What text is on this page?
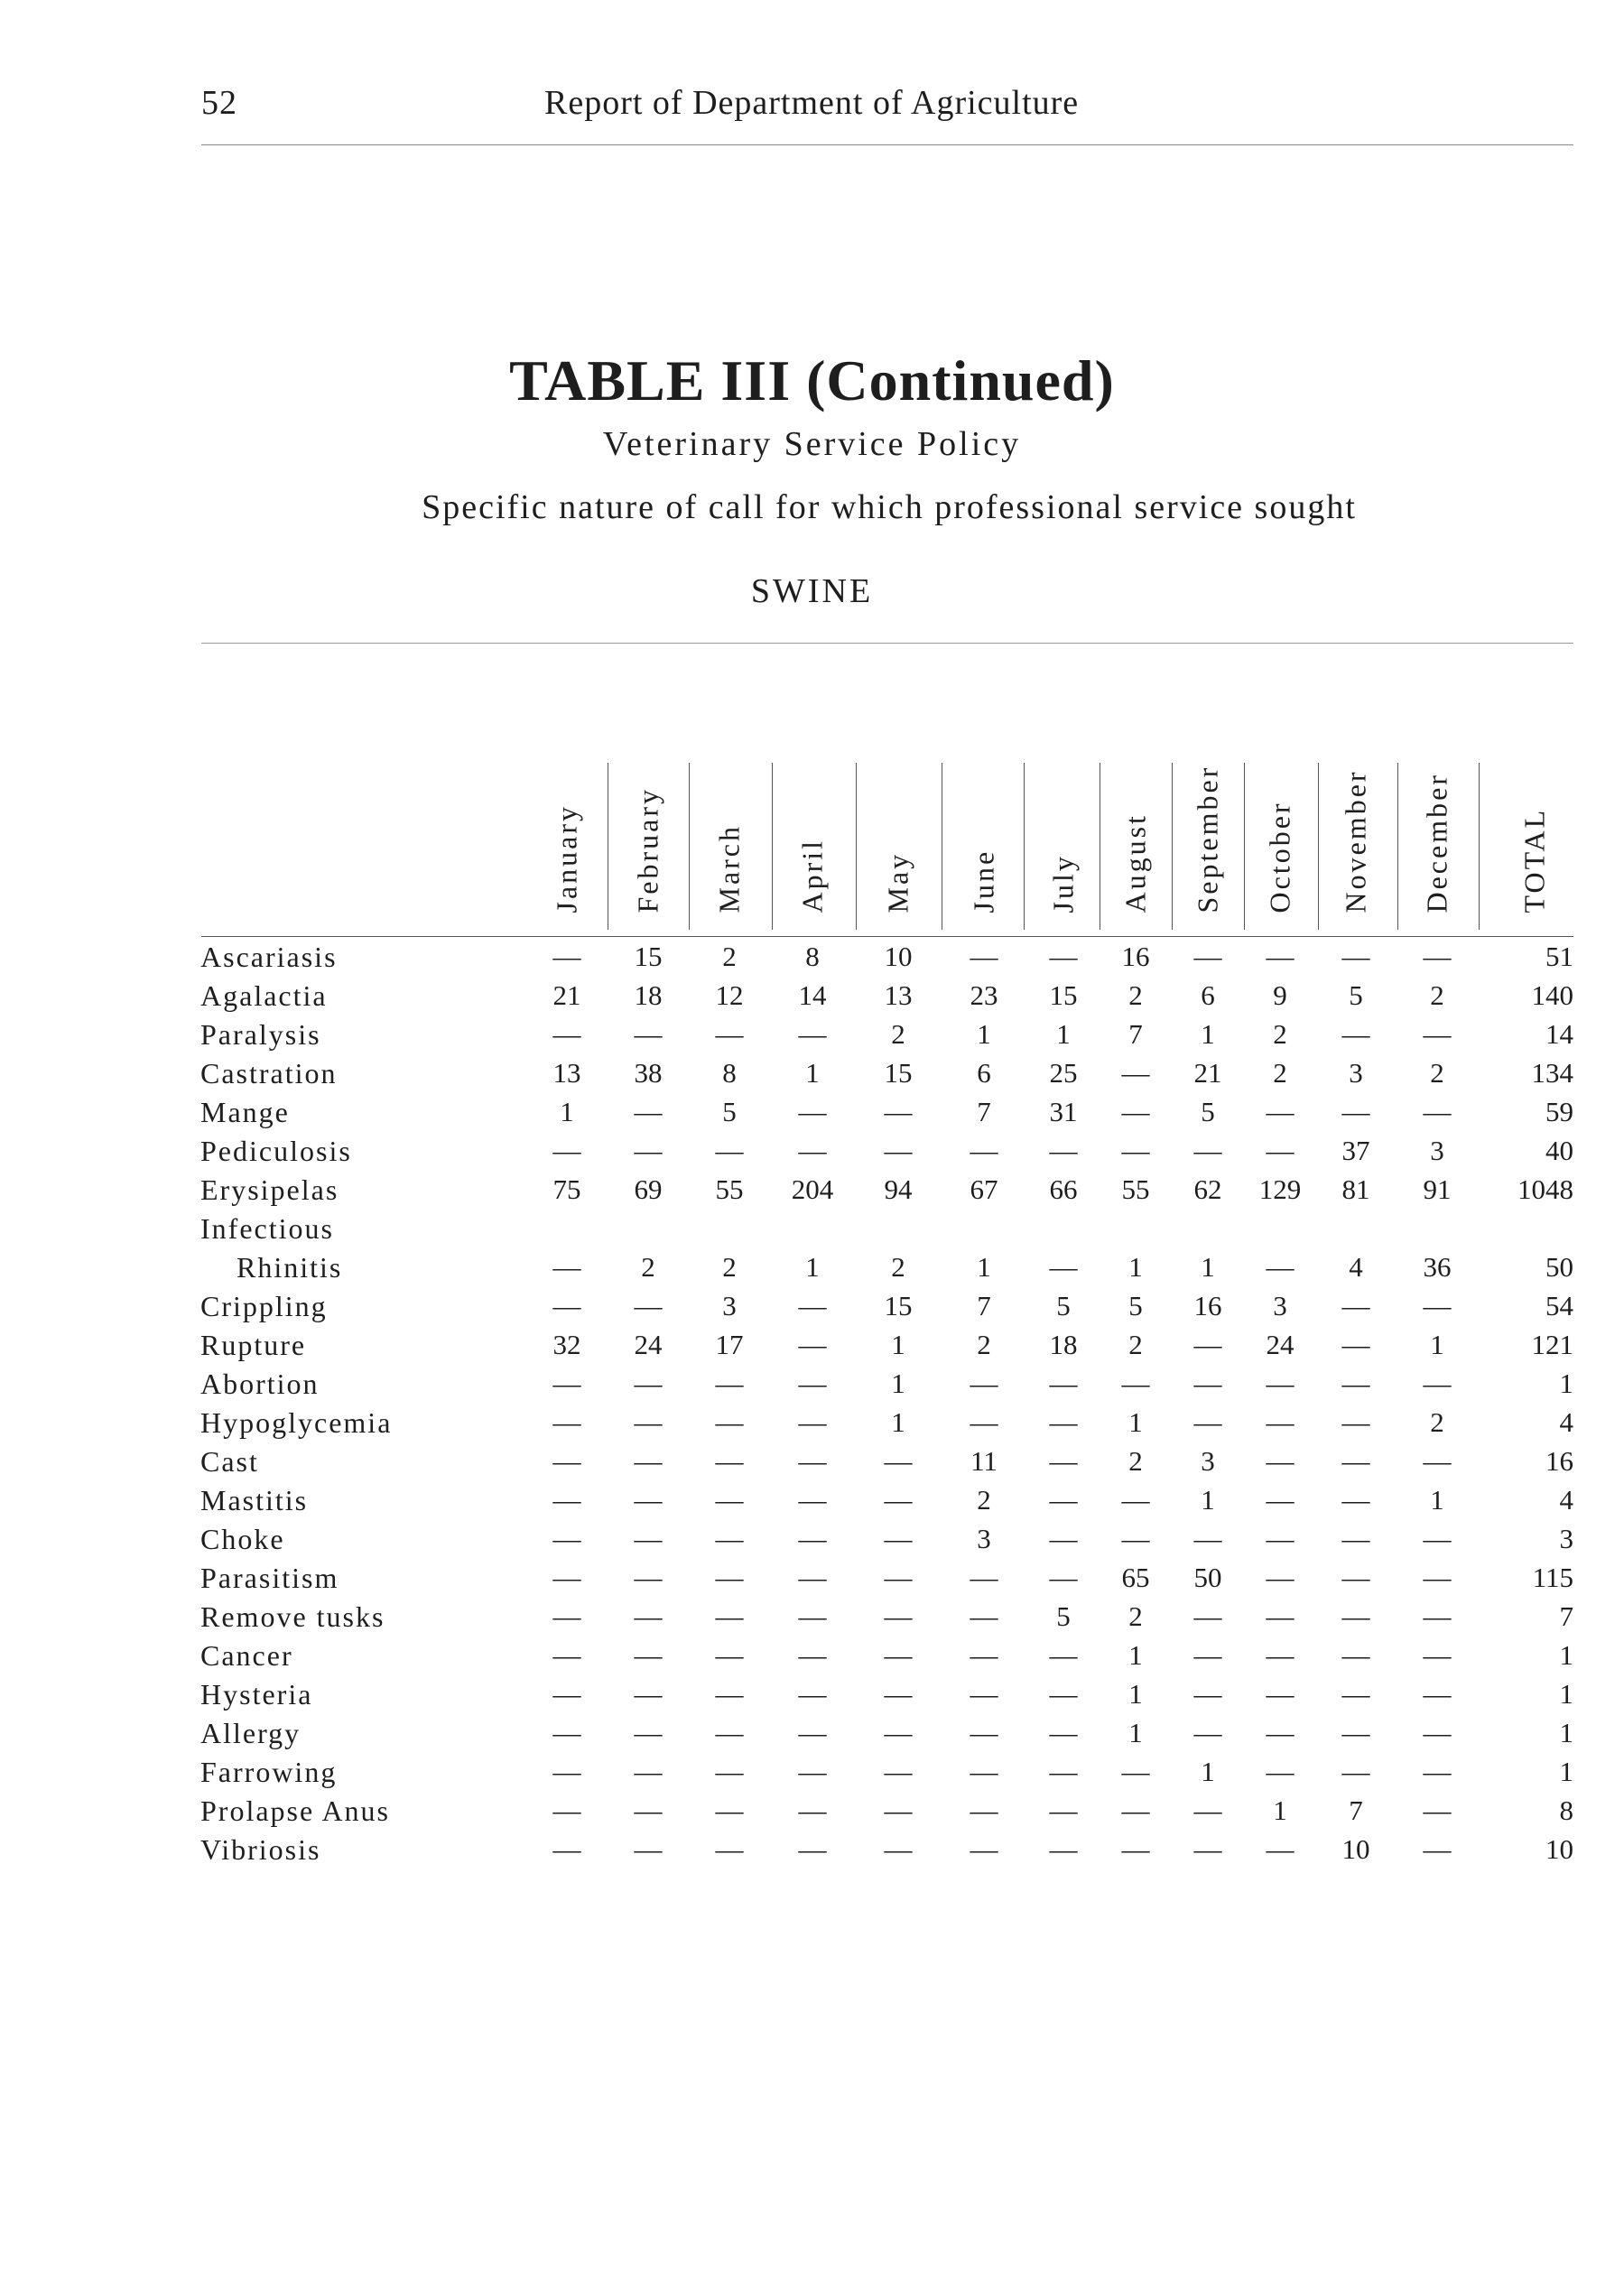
52	Report of Department of Agriculture
TABLE III (Continued)
Veterinary Service Policy
Specific nature of call for which professional service sought
SWINE
January February March April May June July August September October November December TOTAL
Ascariasis	—	15	2	8	10	—	—	16	—	—	—	—	51
Agalactia	21	18	12	14	13	23	15	2	6	9	5	2	140
Paralysis	—	—	—	—	2	1	1	7	1	2	—	—	14
Castration	13	38	8	1	15	6	25	—	21	2	3	2	134
Mange	1	—	5	—	—	7	31	—	5	—	—	—	59
Pediculosis	—	—	—	—	—	—	—	—	—	—	37	3	40
Erysipelas	75	69	55	204	94	67	66	55	62	129	81	91	1048
Infectious
Rhinitis	—	2	2	1	2	1	—	1	1	—	4	36	50
Crippling	—	—	3	—	15	7	5	5	16	3	—	—	54
Rupture	32	24	17	—	1	2	18	2	—	24	—	1	121
Abortion	—	—	—	—	1	—	—	—	—	—	—	—	1
Hypoglycemia	—	—	—	—	1	—	—	1	—	—	—	2	4
Cast	—	—	—	—	—	11	—	2	3	—	—	—	16
Mastitis	—	—	—	—	—	2	—	—	1	—	—	1	4
Choke	—	—	—	—	—	3	—	—	—	—	—	—	3
Parasitism	—	—	—	—	—	—	—	65	50	—	—	—	115
Remove tusks	—	—	—	—	—	—	5	2	—	—	—	—	7
Cancer	—	—	—	—	—	—	—	1	—	—	—	—	1
Hysteria	—	—	—	—	—	—	—	1	—	—	—	—	1
Allergy	—	—	—	—	—	—	—	1	—	—	—	—	1
Farrowing	—	—	—	—	—	—	—	—	1	—	—	—	1
Prolapse Anus	—	—	—	—	—	—	—	—	—	1	7	—	8
Vibriosis	—	—	—	—	—	—	—	—	—	—	10	—	10
